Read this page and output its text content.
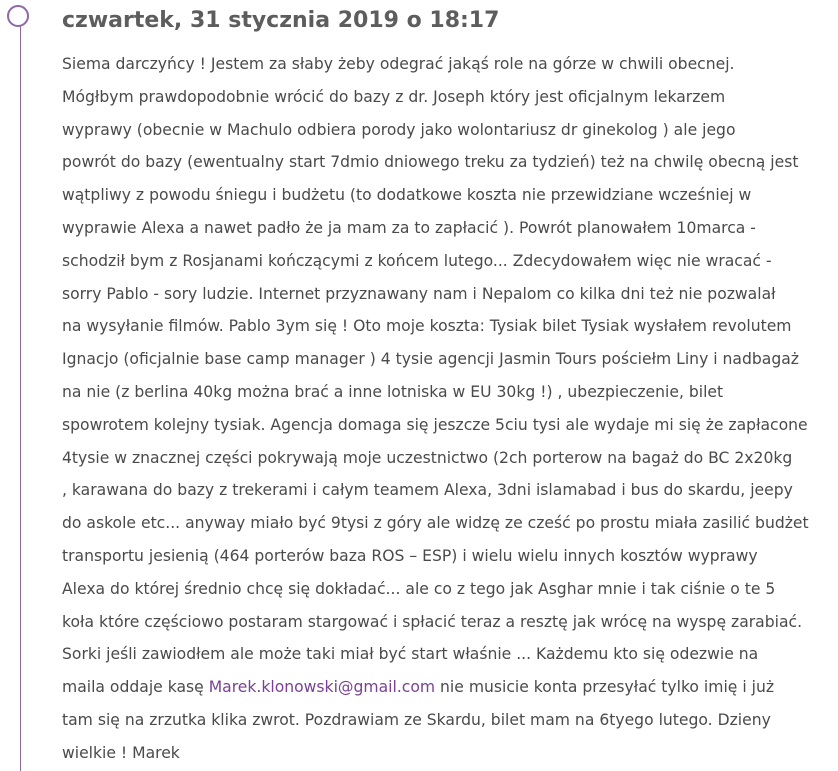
czwartek, 31 stycznia 2019 o 18:17
Siema darczyńcy ! Jestem za słaby żeby odegrać jakąś role na górze w chwili obecnej.
Mógłbym prawdopodobnie wrócić do bazy z dr. Joseph który jest oficjalnym lekarzem
wyprawy (obecnie w Machulo odbiera porody jako wolontariusz dr ginekolog ) ale jego
powrót do bazy (ewentualny start 7dmio dniowego treku za tydzień) też na chwilę obecną jest
wątpliwy z powodu śniegu i budżetu (to dodatkowe koszta nie przewidziane wcześniej w
wyprawie Alexa a nawet padło że ja mam za to zapłacić ). Powrót planowałem 10marca -
schodził bym z Rosjanami kończącymi z końcem lutego... Zdecydowałem więc nie wracać -
sorry Pablo - sory ludzie. Internet przyznawany nam i Nepalom co kilka dni też nie pozwalał
na wysyłanie filmów. Pablo 3ym się ! Oto moje koszta: Tysiak bilet Tysiak wysłałem revolutem
Ignacjo (oficjalnie base camp manager ) 4 tysie agencji Jasmin Tours pościełm Liny i nadbagaż
na nie (z berlina 40kg można brać a inne lotniska w EU 30kg !) , ubezpieczenie, bilet
spowrotem kolejny tysiak. Agencja domaga się jeszcze 5ciu tysi ale wydaje mi się że zapłacone
4tysie w znacznej części pokrywają moje uczestnictwo (2ch porterow na bagaż do BC 2x20kg
, karawana do bazy z trekerami i całym teamem Alexa, 3dni islamabad i bus do skardu, jeepy
do askole etc... anyway miało być 9tysi z góry ale widzę ze cześć po prostu miała zasilić budżet
transportu jesienią (464 porterów baza ROS – ESP) i wielu wielu innych kosztów wyprawy
Alexa do której średnio chcę się dokładać... ale co z tego jak Asghar mnie i tak ciśnie o te 5
koła które częściowo postaram stargować i spłacić teraz a resztę jak wrócę na wyspę zarabiać.
Sorki jeśli zawiodłem ale może taki miał być start właśnie ... Każdemu kto się odezwie na
maila oddaje kasę Marek.klonowski@gmail.com nie musicie konta przesyłać tylko imię i już
tam się na zrzutka klika zwrot. Pozdrawiam ze Skardu, bilet mam na 6tyego lutego. Dzieny
wielkie ! Marek
